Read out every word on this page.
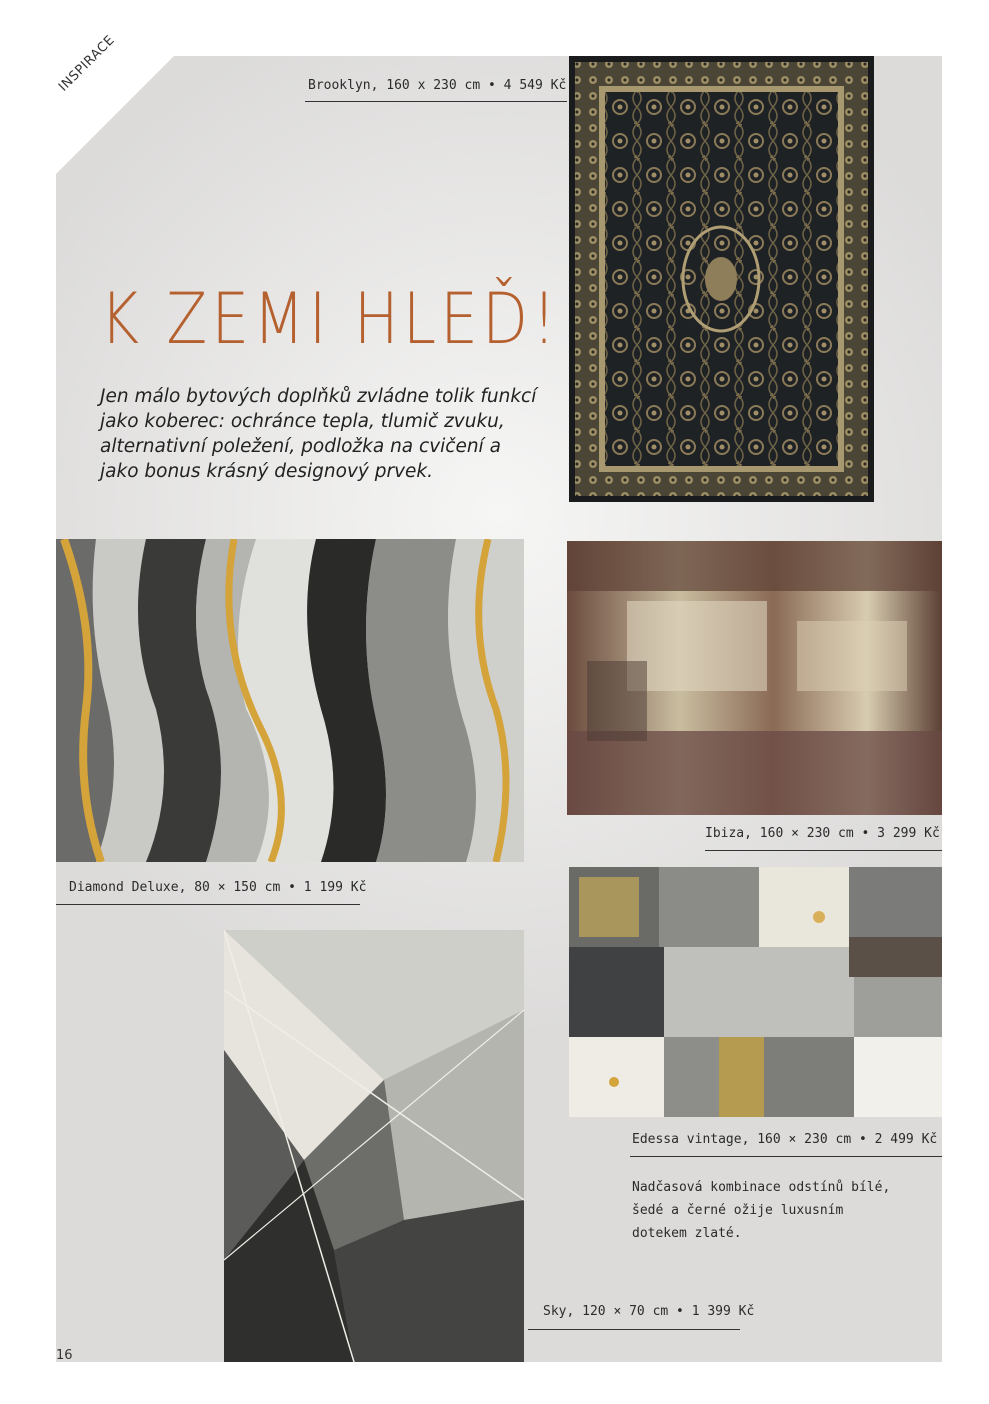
INSPIRACE
K ZEMI HLEĎ!
Jen málo bytových doplňků zvládne tolik funkcí jako koberec: ochránce tepla, tlumič zvuku, alternativní poležení, podložka na cvičení a jako bonus krásný designový prvek.
Brooklyn, 160 x 230 cm • 4 549 Kč
Diamond Deluxe, 80 × 150 cm • 1 199 Kč
Ibiza, 160 × 230 cm • 3 299 Kč
Edessa vintage, 160 × 230 cm • 2 499 Kč
Nadčasová kombinace odstínů bílé, šedé a černé ožije luxusním dotekem zlaté.
Sky, 120 × 70 cm • 1 399 Kč
16
